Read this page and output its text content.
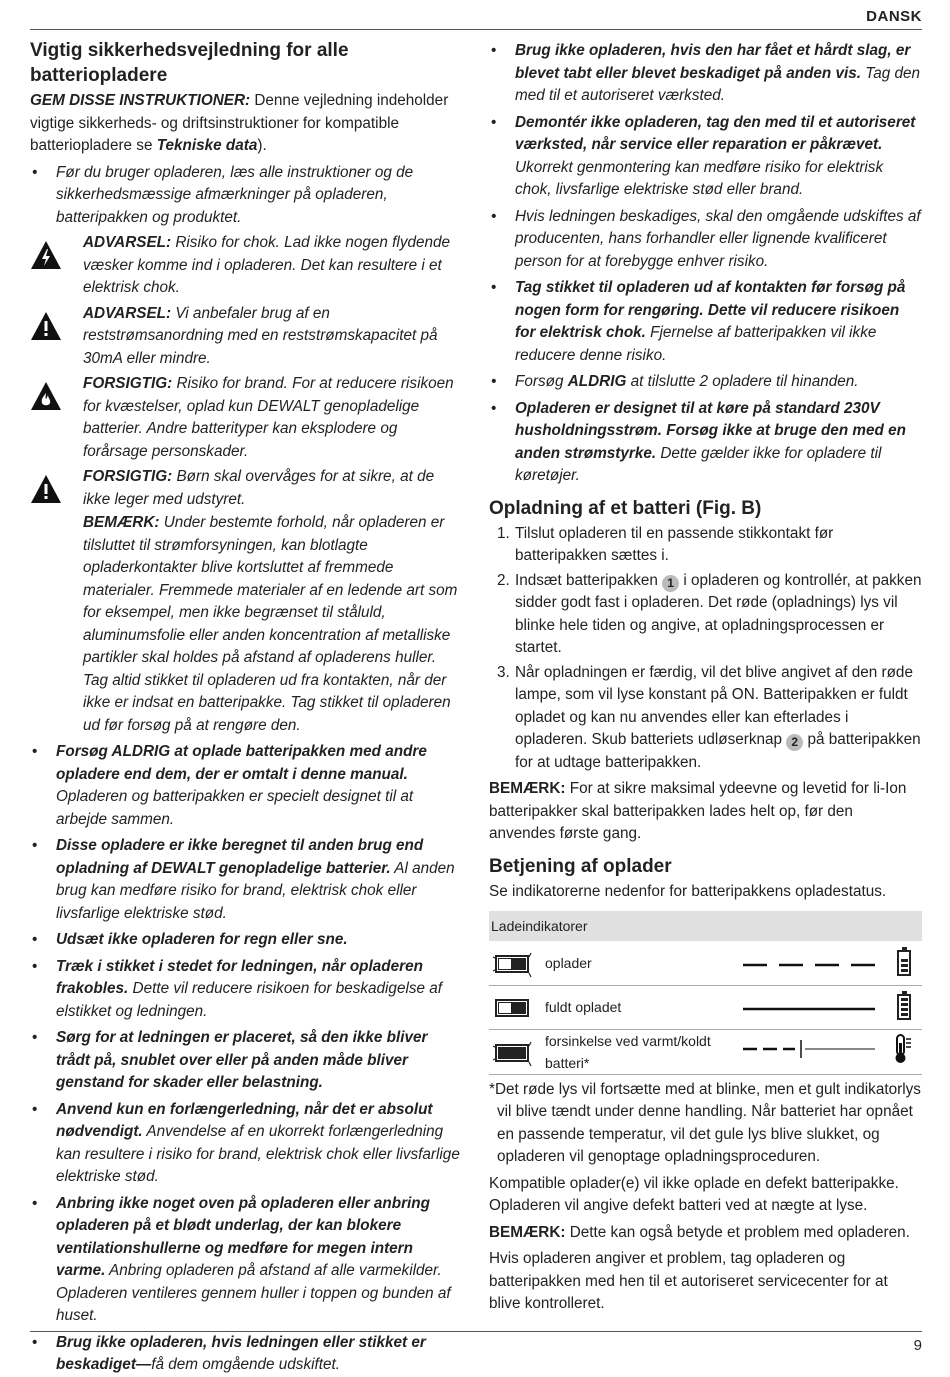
DANSK
Vigtig sikkerhedsvejledning for alle batteriopladere

GEM DISSE INSTRUKTIONER: Denne vejledning indeholder vigtige sikkerheds- og driftsinstruktioner for kompatible batteriopladere se Tekniske data).

• Før du bruger opladeren, læs alle instruktioner og de sikkerhedsmæssige afmærkninger på opladeren, batteripakken og produktet.
ADVARSEL: Risiko for chok. Lad ikke nogen flydende væsker komme ind i opladeren. Det kan resultere i et elektrisk chok.
ADVARSEL: Vi anbefaler brug af en reststrømsanordning med en reststrømskapacitet på 30mA eller mindre.
FORSIGTIG: Risiko for brand. For at reducere risikoen for kvæstelser, oplad kun DEWALT genopladelige batterier. Andre batterityper kan eksplodere og forårsage personskader.
FORSIGTIG: Børn skal overvåges for at sikre, at de ikke leger med udstyret.
BEMÆRK: Under bestemte forhold, når opladeren er tilsluttet til strømforsyningen, kan blotlagte opladerkontakter blive kortsluttet af fremmede materialer. Fremmede materialer af en ledende art som for eksempel, men ikke begrænset til ståluld, aluminumsfolie eller anden koncentration af metalliske partikler skal holdes på afstand af opladerens huller. Tag altid stikket til opladeren ud fra kontakten, når der ikke er indsat en batteripakke. Tag stikket til opladeren ud før forsøg på at rengøre den.
• Forsøg ALDRIG at oplade batteripakken med andre opladere end dem, der er omtalt i denne manual. Opladeren og batteripakken er specielt designet til at arbejde sammen.
• Disse opladere er ikke beregnet til anden brug end opladning af DEWALT genopladelige batterier. Al anden brug kan medføre risiko for brand, elektrisk chok eller livsfarlige elektriske stød.
• Udsæt ikke opladeren for regn eller sne.
• Træk i stikket i stedet for ledningen, når opladeren frakobles. Dette vil reducere risikoen for beskadigelse af elstikket og ledningen.
• Sørg for at ledningen er placeret, så den ikke bliver trådt på, snublet over eller på anden måde bliver genstand for skader eller belastning.
• Anvend kun en forlængerledning, når det er absolut nødvendigt. Anvendelse af en ukorrekt forlængerledning kan resultere i risiko for brand, elektrisk chok eller livsfarlige elektriske stød.
• Anbring ikke noget oven på opladeren eller anbring opladeren på et blødt underlag, der kan blokere ventilationshullerne og medføre for megen intern varme. Anbring opladeren på afstand af alle varmekilder. Opladeren ventileres gennem huller i toppen og bunden af huset.
• Brug ikke opladeren, hvis ledningen eller stikket er beskadiget—få dem omgående udskiftet.
• Brug ikke opladeren, hvis den har fået et hårdt slag, er blevet tabt eller blevet beskadiget på anden vis. Tag den med til et autoriseret værksted.
• Demontér ikke opladeren, tag den med til et autoriseret værksted, når service eller reparation er påkrævet. Ukorrekt genmontering kan medføre risiko for elektrisk chok, livsfarlige elektriske stød eller brand.
• Hvis ledningen beskadiges, skal den omgående udskiftes af producenten, hans forhandler eller lignende kvalificeret person for at forebygge enhver risiko.
• Tag stikket til opladeren ud af kontakten før forsøg på nogen form for rengøring. Dette vil reducere risikoen for elektrisk chok. Fjernelse af batteripakken vil ikke reducere denne risiko.
• Forsøg ALDRIG at tilslutte 2 opladere til hinanden.
• Opladeren er designet til at køre på standard 230V husholdningsstrøm. Forsøg ikke at bruge den med en anden strømstyrke. Dette gælder ikke for opladere til køretøjer.
Opladning af et batteri (Fig. B)
1. Tilslut opladeren til en passende stikkontakt før batteripakken sættes i.
2. Indsæt batteripakken 1 i opladeren og kontrollér, at pakken sidder godt fast i opladeren. Det røde (opladnings) lys vil blinke hele tiden og angive, at opladningsprocessen er startet.
3. Når opladningen er færdig, vil det blive angivet af den røde lampe, som vil lyse konstant på ON. Batteripakken er fuldt opladet og kan nu anvendes eller kan efterlades i opladeren. Skub batteriets udløserknap 2 på batteripakken for at udtage batteripakken.

BEMÆRK: For at sikre maksimal ydeevne og levetid for li-Ion batteripakker skal batteripakken lades helt op, før den anvendes første gang.

Betjening af oplader

Se indikatorerne nedenfor for batteripakkens opladestatus.

Ladeindikatorer			

	oplader		

	fuldt opladet		

	forsinkelse ved varmt/koldt batteri*		

*Det røde lys vil fortsætte med at blinke, men et gult indikatorlys vil blive tændt under denne handling. Når batteriet har opnået en passende temperatur, vil det gule lys blive slukket, og opladeren vil genoptage opladningsproceduren.

Kompatible oplader(e) vil ikke oplade en defekt batteripakke. Opladeren vil angive defekt batteri ved at nægte at lyse.

BEMÆRK: Dette kan også betyde et problem med opladeren.

Hvis opladeren angiver et problem, tag opladeren og batteripakken med hen til et autoriseret servicecenter for at blive kontrolleret.

9
